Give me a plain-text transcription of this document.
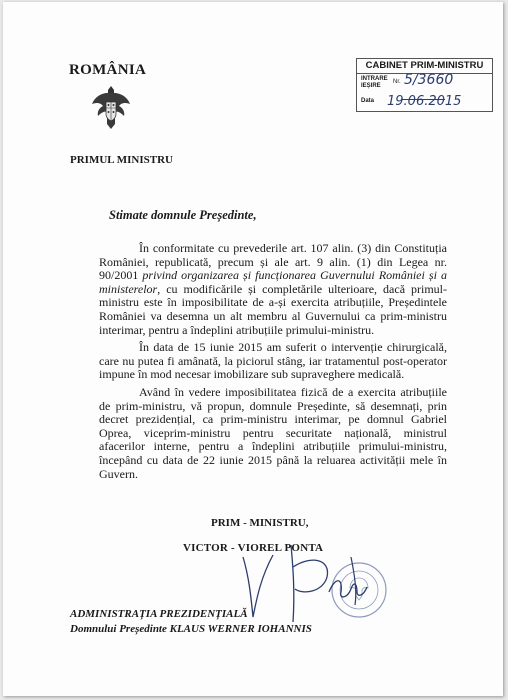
ROMÂNIA	CABINET PRIM-MINISTRU
INTRARE
IEȘIRE
Nr. 5/3660
Data 19.06.2015
PRIMUL MINISTRU
Stimate domnule Președinte,

În conformitate cu prevederile art. 107 alin. (3) din Constituția României, republicată, precum și ale art. 9 alin. (1) din Legea nr. 90/2001 privind organizarea și funcționarea Guvernului României și a ministerelor, cu modificările și completările ulterioare, dacă primul-ministru este în imposibilitate de a-și exercita atribuțiile, Președintele României va desemna un alt membru al Guvernului ca prim-ministru interimar, pentru a îndeplini atribuțiile primului-ministru.

În data de 15 iunie 2015 am suferit o intervenție chirurgicală, care nu putea fi amânată, la piciorul stâng, iar tratamentul post-operator impune în mod necesar imobilizare sub supraveghere medicală.

Având în vedere imposibilitatea fizică de a exercita atribuțiile de prim-ministru, vă propun, domnule Președinte, să desemnați, prin decret prezidențial, ca prim-ministru interimar, pe domnul Gabriel Oprea, viceprim-ministru pentru securitate națională, ministrul afacerilor interne, pentru a îndeplini atribuțiile primului-ministru, începând cu data de 22 iunie 2015 până la reluarea activității mele în Guvern.

PRIM - MINISTRU,
VICTOR - VIOREL PONTA
ADMINISTRAȚIA PREZIDENȚIALĂ
Domnului Președinte KLAUS WERNER IOHANNIS
